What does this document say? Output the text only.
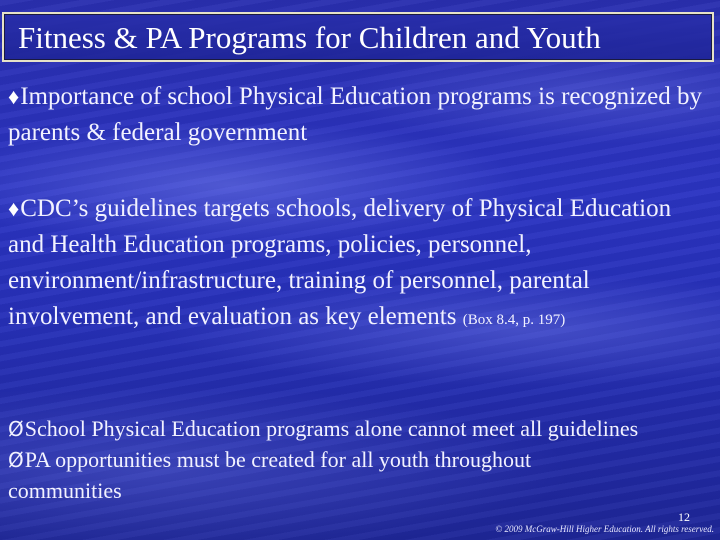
Fitness & PA Programs for Children and Youth
♦Importance of school Physical Education programs is recognized by parents & federal government
♦CDC’s guidelines targets schools, delivery of Physical Education and Health Education programs, policies, personnel, environment/infrastructure, training of personnel, parental involvement, and evaluation as key elements (Box 8.4, p. 197)
ØSchool Physical Education programs alone cannot meet all guidelines
ØPA opportunities must be created for all youth throughout
communities
12
© 2009 McGraw-Hill Higher Education. All rights reserved.
